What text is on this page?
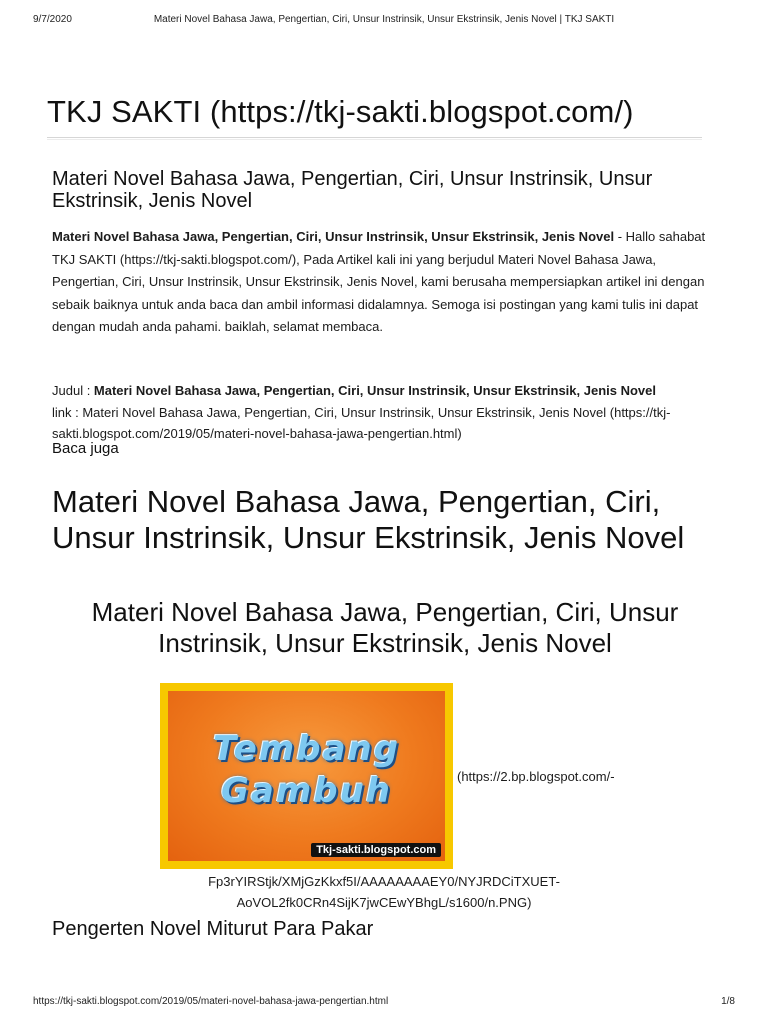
9/7/2020	Materi Novel Bahasa Jawa, Pengertian, Ciri, Unsur Instrinsik, Unsur Ekstrinsik, Jenis Novel | TKJ SAKTI
TKJ SAKTI (https://tkj-sakti.blogspot.com/)
Materi Novel Bahasa Jawa, Pengertian, Ciri, Unsur Instrinsik, Unsur Ekstrinsik, Jenis Novel

Materi Novel Bahasa Jawa, Pengertian, Ciri, Unsur Instrinsik, Unsur Ekstrinsik, Jenis Novel - Hallo sahabat TKJ SAKTI (https://tkj-sakti.blogspot.com/), Pada Artikel kali ini yang berjudul Materi Novel Bahasa Jawa, Pengertian, Ciri, Unsur Instrinsik, Unsur Ekstrinsik, Jenis Novel, kami berusaha mempersiapkan artikel ini dengan sebaik baiknya untuk anda baca dan ambil informasi didalamnya. Semoga isi postingan yang kami tulis ini dapat dengan mudah anda pahami. baiklah, selamat membaca.

Judul : Materi Novel Bahasa Jawa, Pengertian, Ciri, Unsur Instrinsik, Unsur Ekstrinsik, Jenis Novel
link : Materi Novel Bahasa Jawa, Pengertian, Ciri, Unsur Instrinsik, Unsur Ekstrinsik, Jenis Novel (https://tkj-sakti.blogspot.com/2019/05/materi-novel-bahasa-jawa-pengertian.html)

Baca juga

Materi Novel Bahasa Jawa, Pengertian, Ciri, Unsur Instrinsik, Unsur Ekstrinsik, Jenis Novel
Materi Novel Bahasa Jawa, Pengertian, Ciri, Unsur Instrinsik, Unsur Ekstrinsik, Jenis Novel
Tembang
Gambuh
Tkj-sakti.blogspot.com

(https://2.bp.blogspot.com/-

Fp3rYIRStjk/XMjGzKkxf5I/AAAAAAAAEY0/NYJRDCiTXUET-
AoVOL2fk0CRn4SijK7jwCEwYBhgL/s1600/n.PNG)

Pengerten Novel Miturut Para Pakar
https://tkj-sakti.blogspot.com/2019/05/materi-novel-bahasa-jawa-pengertian.html	1/8
